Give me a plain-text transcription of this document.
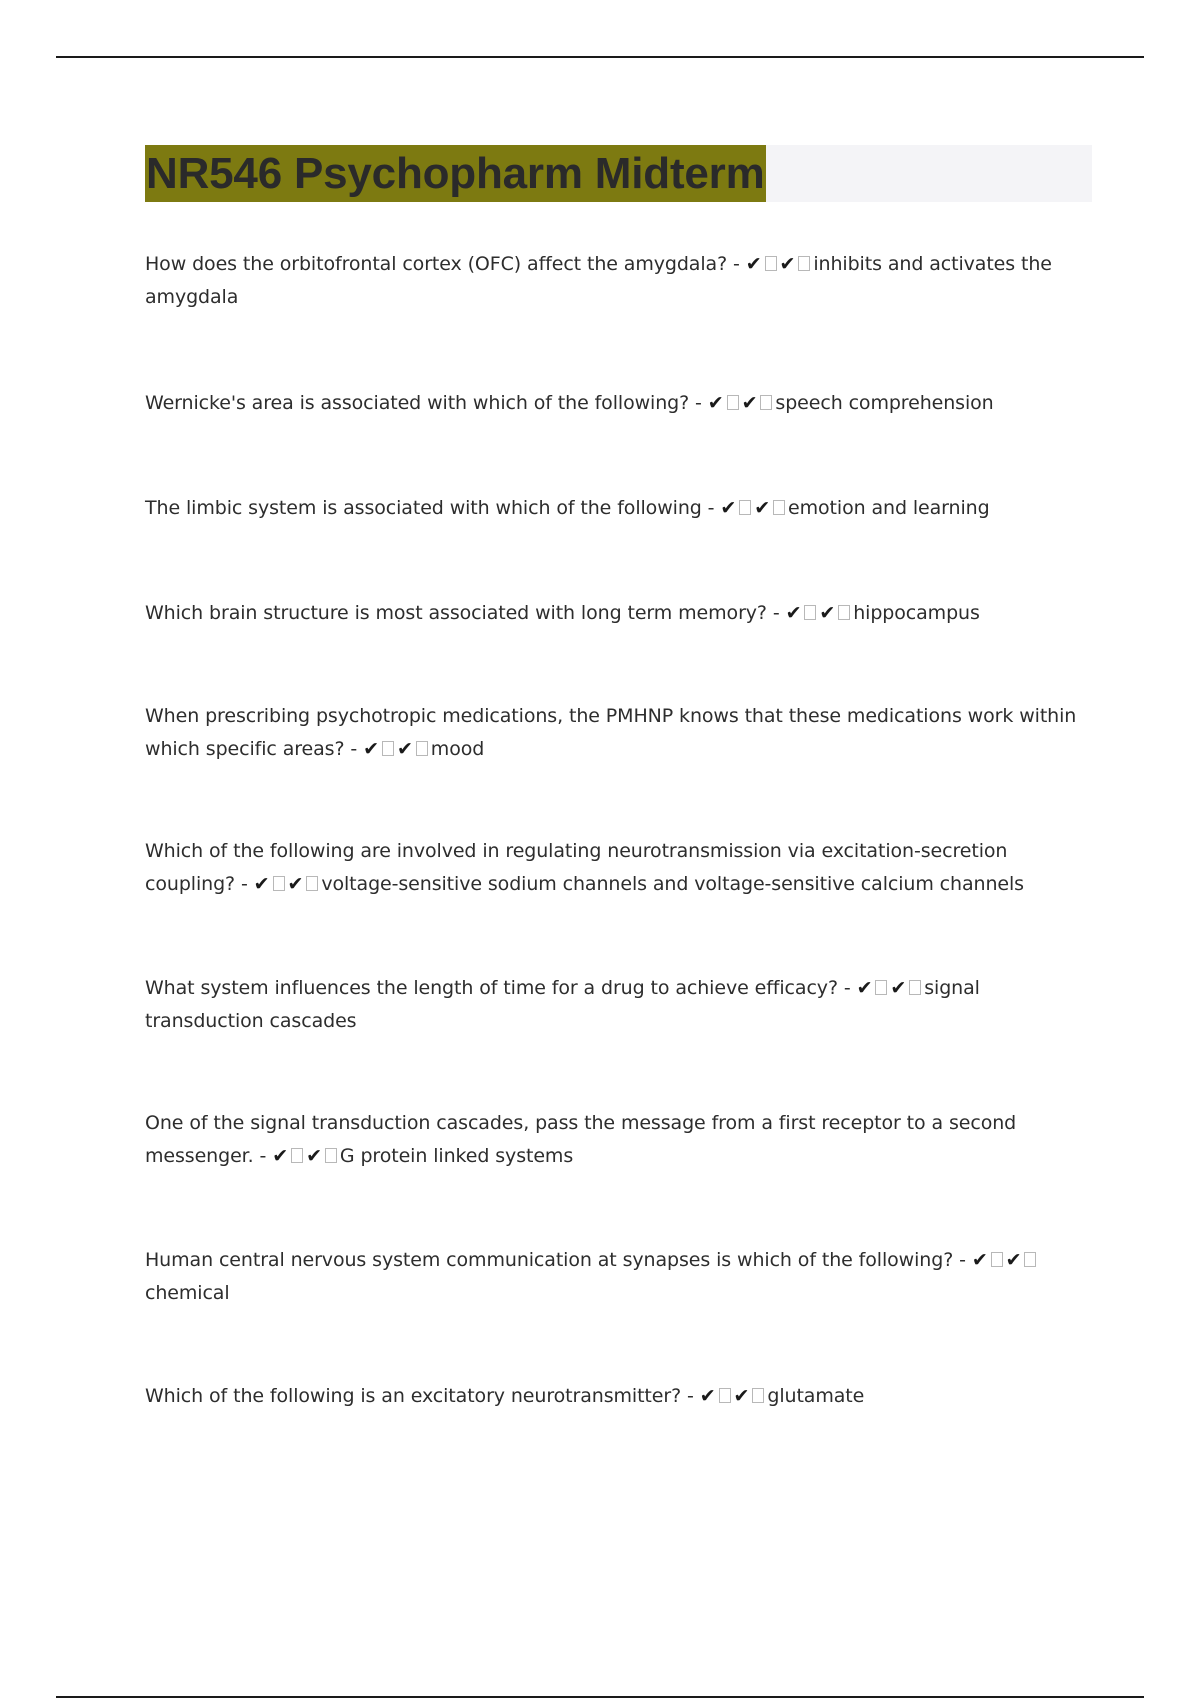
NR546 Psychopharm Midterm

How does the orbitofrontal cortex (OFC) affect the amygdala? - ✔ ✔ inhibits and activates the amygdala

Wernicke's area is associated with which of the following? - ✔ ✔ speech comprehension

The limbic system is associated with which of the following - ✔ ✔ emotion and learning

Which brain structure is most associated with long term memory? - ✔ ✔ hippocampus

When prescribing psychotropic medications, the PMHNP knows that these medications work within which specific areas? - ✔ ✔ mood

Which of the following are involved in regulating neurotransmission via excitation-secretion coupling? - ✔ ✔ voltage-sensitive sodium channels and voltage-sensitive calcium channels

What system influences the length of time for a drug to achieve efficacy? - ✔ ✔ signal transduction cascades

One of the signal transduction cascades, pass the message from a first receptor to a second messenger. - ✔ ✔ G protein linked systems

Human central nervous system communication at synapses is which of the following? - ✔ ✔chemical

Which of the following is an excitatory neurotransmitter? - ✔ ✔ glutamate
